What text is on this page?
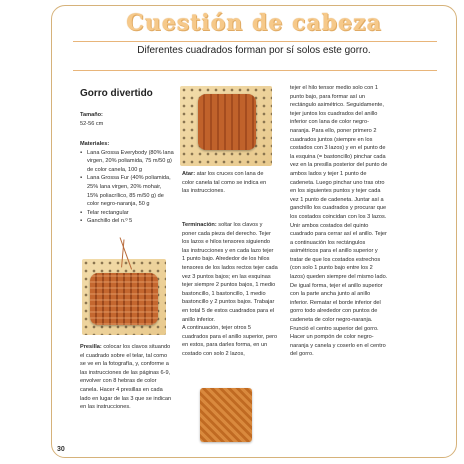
Cuestión de cabeza
Diferentes cuadrados forman por sí solos este gorro.
Gorro divertido
Tamaño:
52-56 cm
Materiales:
▪ Lana Grossa Everybody (80% lana virgen, 20% poliamida, 75 m/50 g) de color canela, 100 g
▪ Lana Grossa Fur (40% poliamida, 25% lana virgen, 20% mohair, 15% poliacrílico, 85 m/50 g) de color negro-naranja, 50 g
▪ Telar rectangular
▪ Ganchillo del n.º 5
Presilla: colocar los clavos situando el cuadrado sobre el telar, tal como se ve en la fotografía, y, conforme a las instrucciones de las páginas 6-9, envolver con 8 hebras de color canela. Hacer 4 presillas en cada lado en lugar de las 3 que se indican en las instrucciones.
Atar: atar los cruces con lana de color canela tal como se indica en las instrucciones.
Terminación: soltar los clavos y poner cada pieza del derecho. Tejer los lazos e hilos tensores siguiendo las instrucciones y en cada lazo tejer 1 punto bajo. Alrededor de los hilos tensores de los lados rectos tejer cada vez 3 puntos bajos; en las esquinas tejer siempre 2 puntos bajos, 1 medio bastoncillo, 1 bastoncillo, 1 medio bastoncillo y 2 puntos bajos. Trabajar en total 5 de estos cuadrados para el anillo inferior.
A continuación, tejer otros 5 cuadrados para el anillo superior, pero en estos, para darles forma, en un costado con solo 2 lazos,
tejer el hilo tensor medio solo con 1 punto bajo, para formar así un rectángulo asimétrico. Seguidamente, tejer juntos los cuadrados del anillo inferior con lana de color negro-naranja. Para ello, poner primero 2 cuadrados juntos (siempre en los costados con 3 lazos) y en el punto de la esquina (= bastoncillo) pinchar cada vez en la presilla posterior del punto de ambos lados y tejer 1 punto de cadeneta. Luego pinchar uno tras otro en los siguientes puntos y tejer cada vez 1 punto de cadeneta. Juntar así a ganchillo los cuadrados y procurar que los costados coincidan con los 3 lazos. Unir ambos costados del quinto cuadrado para cerrar así el anillo. Tejer a continuación los rectángulos asimétricos para el anillo superior y tratar de que los costados estrechos (con solo 1 punto bajo entre los 2 lazos) queden siempre del mismo lado. De igual forma, tejer el anillo superior con la parte ancha junto al anillo inferior. Rematar el borde inferior del gorro todo alrededor con puntos de cadeneta de color negro-naranja. Frunció el centro superior del gorro. Hacer un pompón de color negro-naranja y canela y coserlo en el centro del gorro.
30
